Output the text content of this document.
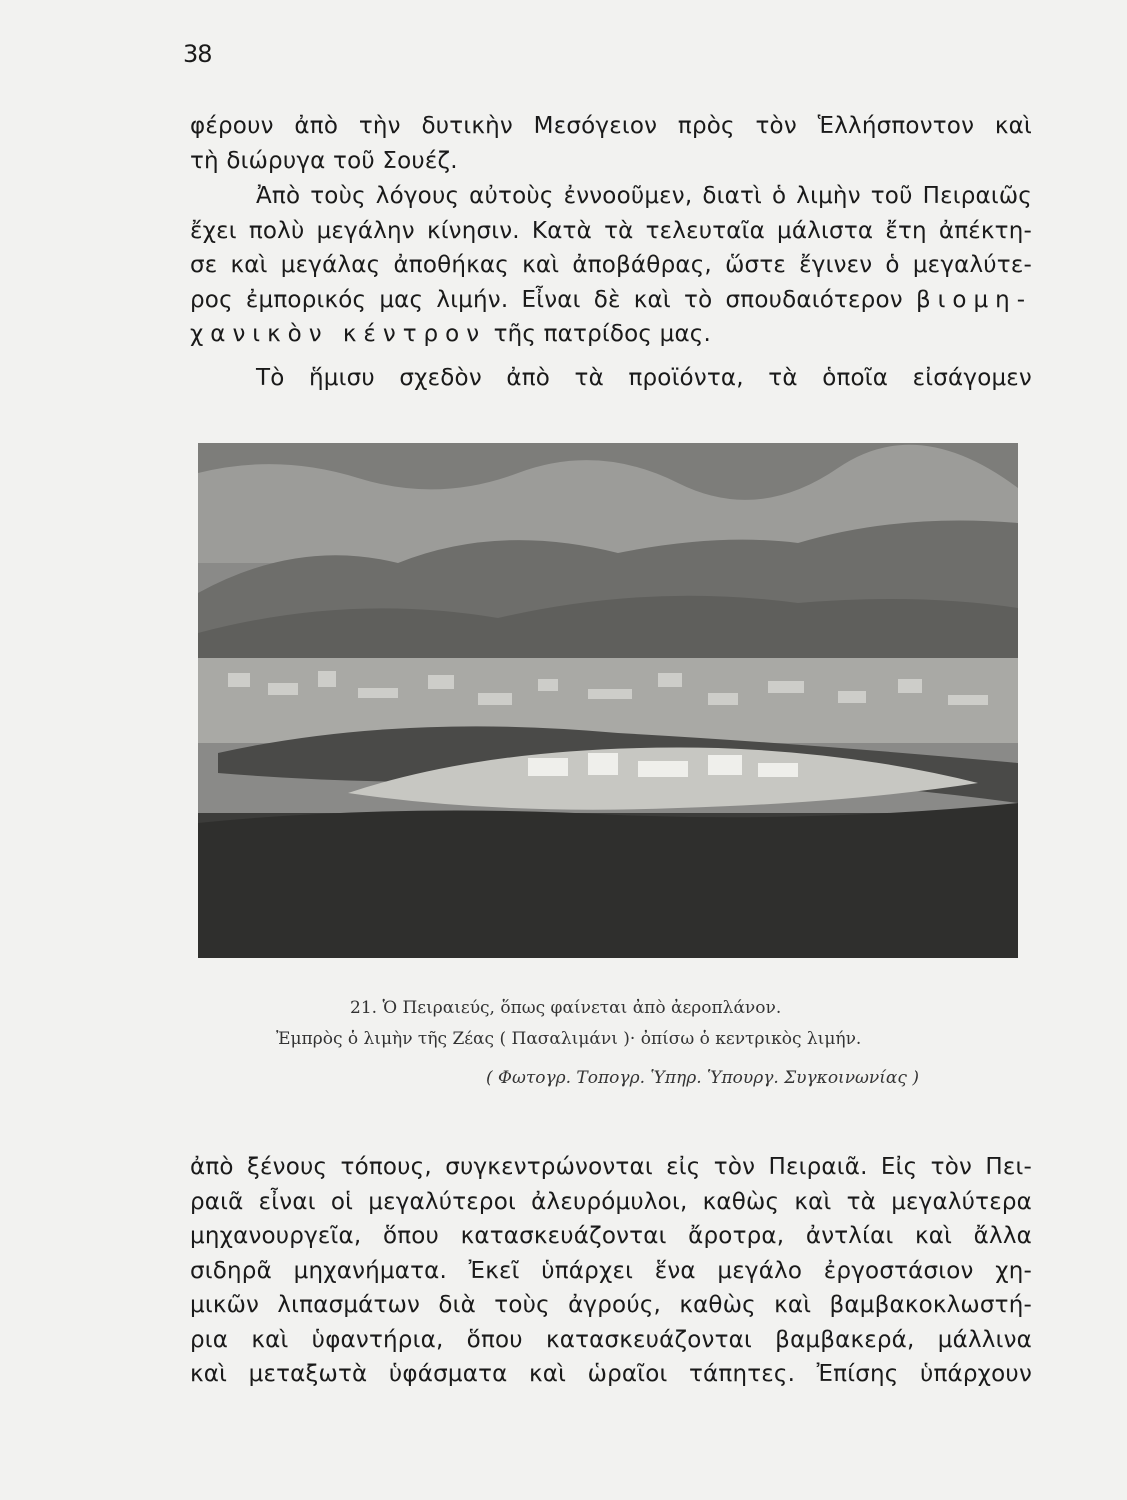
38
φέρουν ἀπὸ τὴν δυτικὴν Μεσόγειον πρὸς τὸν Ἑλλήσποντον καὶ
τὴ διώρυγα τοῦ Σουέζ.
Ἀπὸ τοὺς λόγους αὐτοὺς ἐννοοῦμεν, διατὶ ὁ λιμὴν τοῦ Πειραιῶς
ἔχει πολὺ μεγάλην κίνησιν. Κατὰ τὰ τελευταῖα μάλιστα ἔτη ἀπέκτη-
σε καὶ μεγάλας ἀποθήκας καὶ ἀποβάθρας, ὥστε ἔγινεν ὁ μεγαλύτε-
ρος ἐμπορικός μας λιμήν. Εἶναι δὲ καὶ τὸ σπουδαιότερον βιομη-
χανικὸν κέντρον τῆς πατρίδος μας.
Τὸ ἥμισυ σχεδὸν ἀπὸ τὰ προϊόντα, τὰ ὁποῖα εἰσάγομεν
21. Ὁ Πειραιεύς, ὅπως φαίνεται ἀπὸ ἀεροπλάνον.
Ἐμπρὸς ὁ λιμὴν τῆς Ζέας ( Πασαλιμάνι )· ὀπίσω ὁ κεντρικὸς λιμήν.
( Φωτογρ. Τοπογρ. Ὑπηρ. Ὑπουργ. Συγκοινωνίας )
ἀπὸ ξένους τόπους, συγκεντρώνονται εἰς τὸν Πειραιᾶ. Εἰς τὸν Πει-
ραιᾶ εἶναι οἱ μεγαλύτεροι ἀλευρόμυλοι, καθὼς καὶ τὰ μεγαλύτερα
μηχανουργεῖα, ὅπου κατασκευάζονται ἄροτρα, ἀντλίαι καὶ ἄλλα
σιδηρᾶ μηχανήματα. Ἐκεῖ ὑπάρχει ἕνα μεγάλο ἐργοστάσιον χη-
μικῶν λιπασμάτων διὰ τοὺς ἀγρούς, καθὼς καὶ βαμβακοκλωστή-
ρια καὶ ὑφαντήρια, ὅπου κατασκευάζονται βαμβακερά, μάλλινα
καὶ μεταξωτὰ ὑφάσματα καὶ ὡραῖοι τάπητες. Ἐπίσης ὑπάρχουν
